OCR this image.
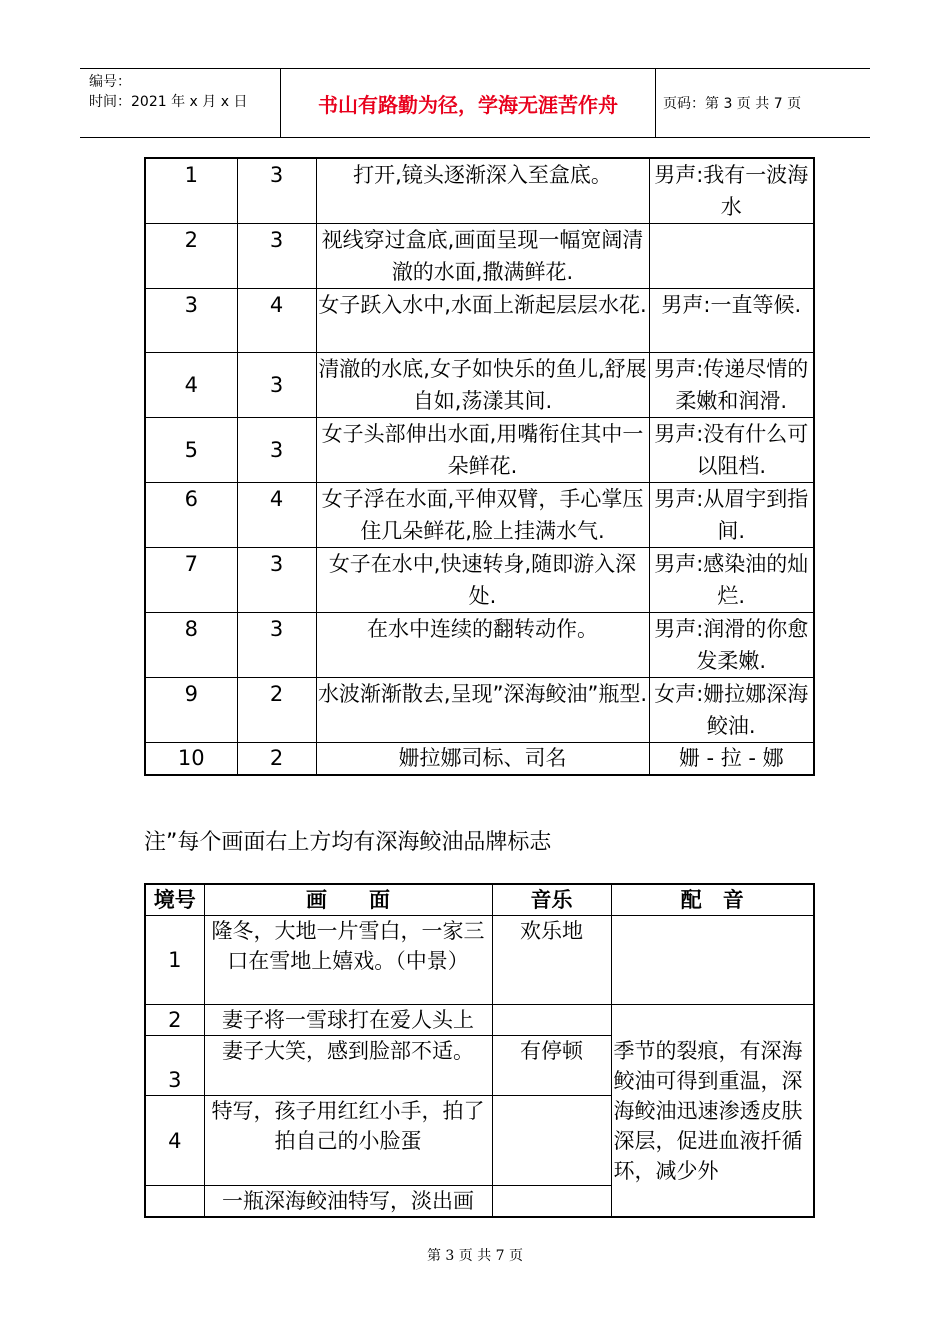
编号：
时间：2021 年 x 月 x 日	书山有路勤为径，学海无涯苦作舟	页码：第 3 页 共 7 页
1	3	打开,镜头逐渐深入至盒底。	男声:我有一波海水
2	3	视线穿过盒底,画面呈现一幅宽阔清澈的水面,撒满鲜花.	
3	4	女子跃入水中,水面上渐起层层水花.	男声:一直等候.
4	3	清澈的水底,女子如快乐的鱼儿,舒展自如,荡漾其间.	男声:传递尽情的柔嫩和润滑.
5	3	女子头部伸出水面,用嘴衔住其中一朵鲜花.	男声:没有什么可以阻档.
6	4	女子浮在水面,平伸双臂，手心掌压住几朵鲜花,脸上挂满水气.	男声:从眉宇到指间.
7	3	女子在水中,快速转身,随即游入深处.	男声:感染油的灿烂.
8	3	在水中连续的翻转动作。	男声:润滑的你愈发柔嫩.
9	2	水波渐渐散去,呈现”深海鲛油”瓶型.	女声:姗拉娜深海鲛油.
10	2	姗拉娜司标、司名	姗 - 拉 - 娜
注”每个画面右上方均有深海鲛油品牌标志
境号	画　　面	音乐	配　音
1	隆冬，大地一片雪白，一家三口在雪地上嬉戏。（中景）	欢乐地	
2	妻子将一雪球打在爱人头上		季节的裂痕，有深海鲛油可得到重温，深海鲛油迅速渗透皮肤深层，促进血液扦循环，减少外
3	妻子大笑，感到脸部不适。	有停顿	
4	特写，孩子用红红小手，拍了拍自己的小脸蛋		
	一瓶深海鲛油特写，淡出画		
第 3 页 共 7 页
